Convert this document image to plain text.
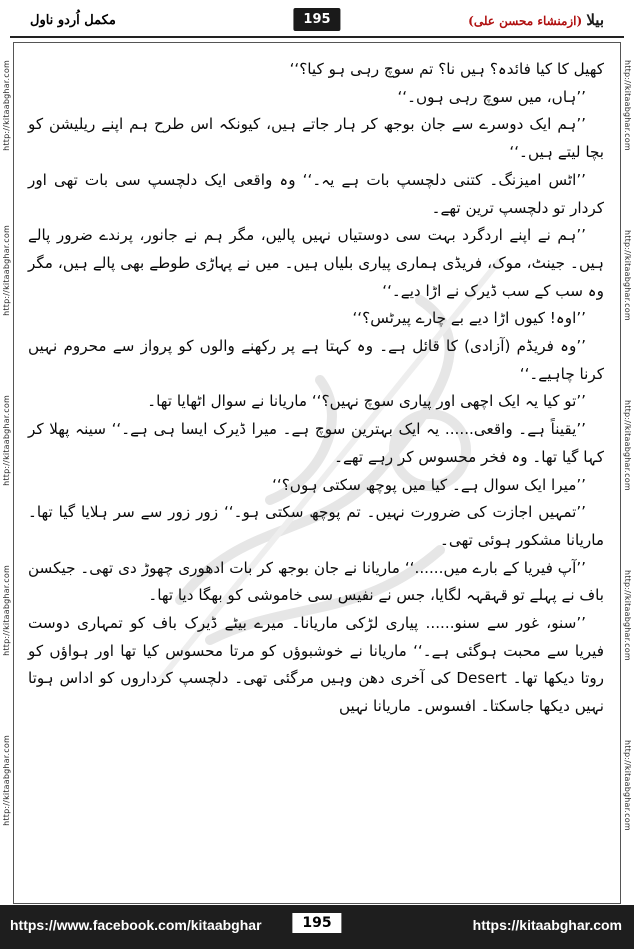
http://kitaabghar.com
http://kitaabghar.com
http://kitaabghar.com
http://kitaabghar.com
http://kitaabghar.com
http://kitaabghar.com
http://kitaabghar.com
http://kitaabghar.com
http://kitaabghar.com
http://kitaabghar.com
مکمل اُردو ناول	بیلا (ازمنشاء محسن علی)
195

کھیل کا کیا فائدہ؟ ہیں نا؟ تم سوچ رہی ہو کیا؟‘‘

’’ہاں، میں سوچ رہی ہوں۔‘‘

’’ہم ایک دوسرے سے جان بوجھ کر ہار جاتے ہیں، کیونکہ اس طرح ہم اپنے ریلیشن کو بچا لیتے ہیں۔‘‘

’’اٹس امیزنگ۔ کتنی دلچسپ بات ہے یہ۔‘‘ وہ واقعی ایک دلچسپ سی بات تھی اور کردار تو دلچسپ ترین تھے۔

’’ہم نے اپنے اردگرد بہت سی دوستیاں نہیں پالیں، مگر ہم نے جانور، پرندے ضرور پالے ہیں۔ جینٹ، موک، فریڈی ہماری پیاری بلیاں ہیں۔ میں نے پہاڑی طوطے بھی پالے ہیں، مگر وہ سب کے سب ڈیرک نے اڑا دیے۔‘‘

’’اوہ! کیوں اڑا دیے بے چارے پیرٹس؟‘‘

’’وہ فریڈم (آزادی) کا قائل ہے۔ وہ کہتا ہے پر رکھنے والوں کو پرواز سے محروم نہیں کرنا چاہیے۔‘‘

’’تو کیا یہ ایک اچھی اور پیاری سوچ نہیں؟‘‘ ماریانا نے سوال اٹھایا تھا۔

’’یقیناً ہے۔ واقعی...... یہ ایک بہترین سوچ ہے۔ میرا ڈیرک ایسا ہی ہے۔‘‘ سینہ پھلا کر کہا گیا تھا۔ وہ فخر محسوس کر رہے تھے۔

’’میرا ایک سوال ہے۔ کیا میں پوچھ سکتی ہوں؟‘‘

’’تمہیں اجازت کی ضرورت نہیں۔ تم پوچھ سکتی ہو۔‘‘ زور زور سے سر ہلایا گیا تھا۔ ماریانا مشکور ہوئی تھی۔

’’آپ فیریا کے بارے میں......‘‘ ماریانا نے جان بوجھ کر بات ادھوری چھوڑ دی تھی۔ جیکسن باف نے پہلے تو قہقہہ لگایا، جس نے نفیس سی خاموشی کو بھگا دیا تھا۔

’’سنو، غور سے سنو...... پیاری لڑکی ماریانا۔ میرے بیٹے ڈیرک باف کو تمہاری دوست فیریا سے محبت ہوگئی ہے۔‘‘ ماریانا نے خوشبوؤں کو مرتا محسوس کیا تھا اور ہواؤں کو روتا دیکھا تھا۔ Desert کی آخری دھن وہیں مرگئی تھی۔ دلچسپ کرداروں کو اداس ہوتا نہیں دیکھا جاسکتا۔ افسوس۔ ماریانا نہیں

https://www.facebook.com/kitaabghar	195	https://kitaabghar.com
